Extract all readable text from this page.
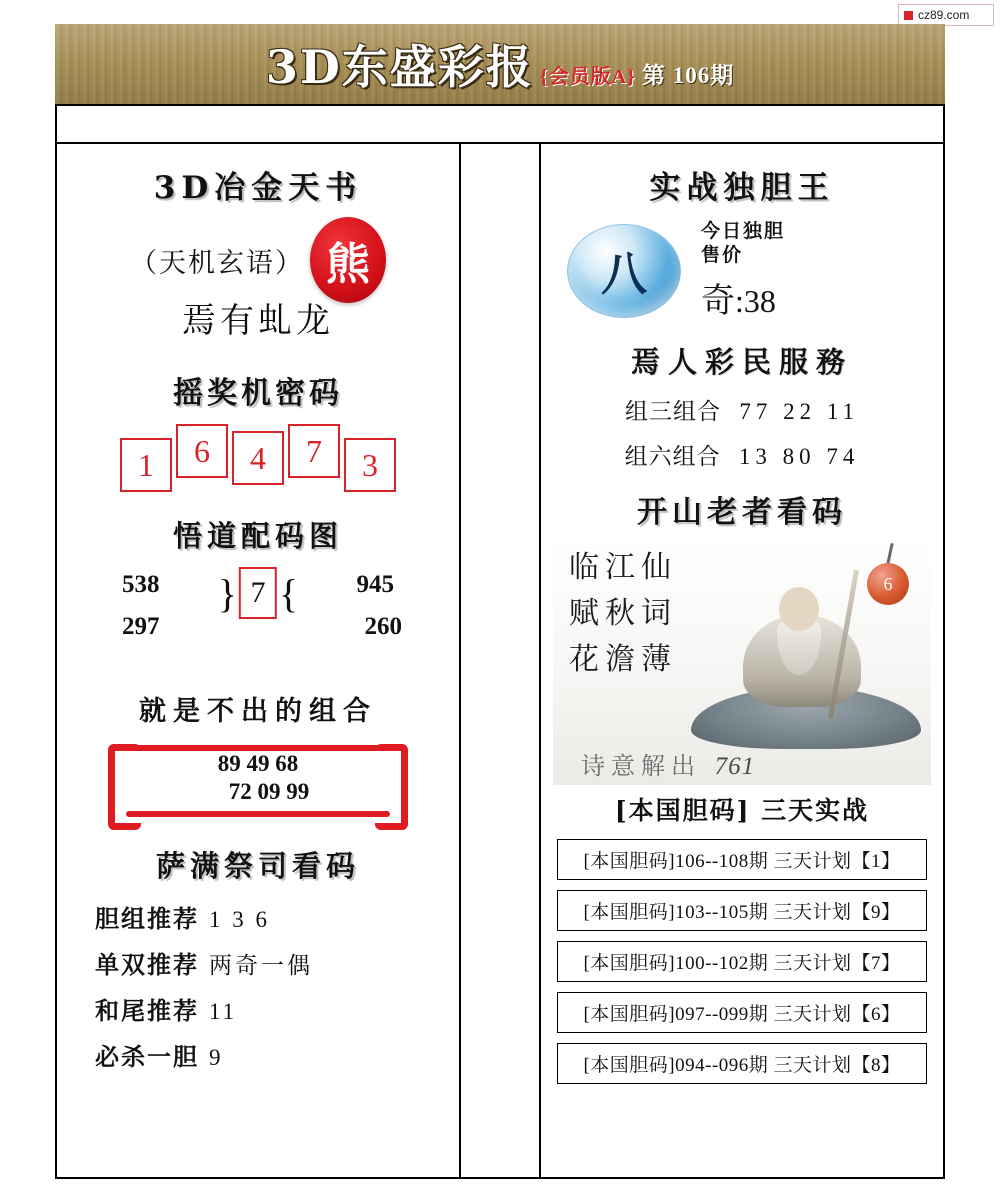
cz89.com
3D东盛彩报 {会员版A} 第 106期
3D冶金天书
（天机玄语） 熊
焉有虬龙
摇奖机密码
1	6	4	7	3
悟道配码图
538
297
945
260
} 7 {
就是不出的组合
89 49 68
72 09 99
萨满祭司看码
胆组推荐 1 3 6
单双推荐 两奇一偶
和尾推荐 11
必杀一胆 9
实战独胆王
八
今日独胆
售价
奇:38
焉人彩民服務
组三组合 77 22 11
组六组合 13 80 74
开山老者看码
临江仙
赋秋词
花澹薄
6
诗意解出 761
[本国胆码] 三天实战
[本国胆码]106--108期 三天计划【1】
[本国胆码]103--105期 三天计划【9】
[本国胆码]100--102期 三天计划【7】
[本国胆码]097--099期 三天计划【6】
[本国胆码]094--096期 三天计划【8】
